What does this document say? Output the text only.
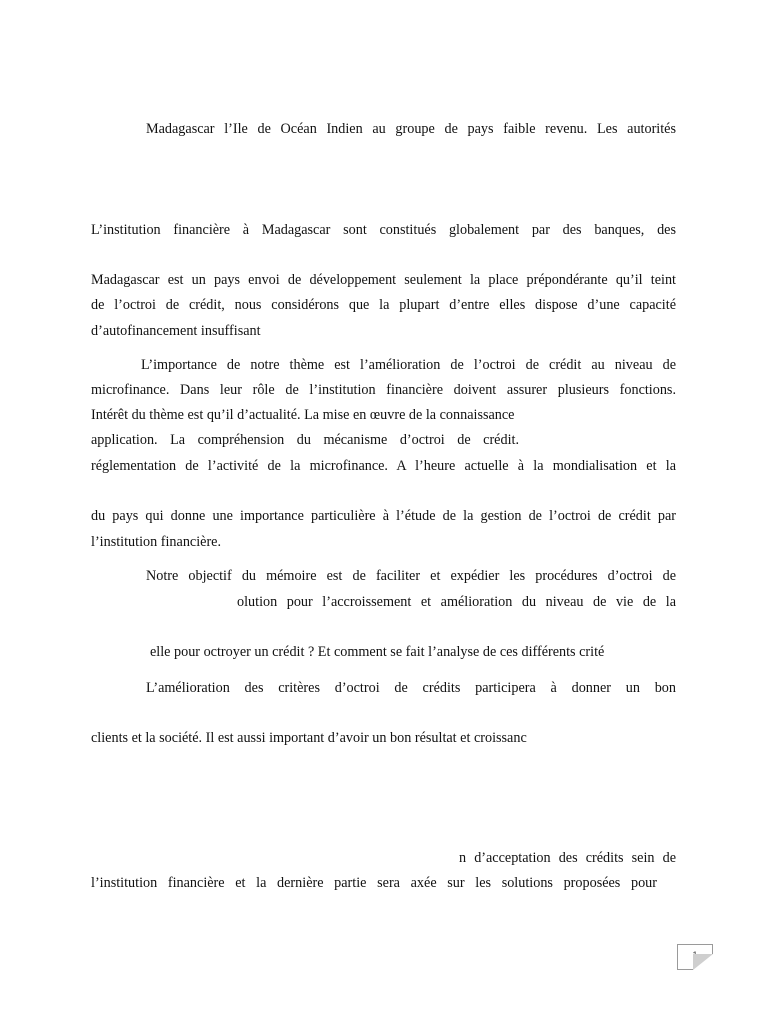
Madagascar l’Ile de Océan Indien au groupe de pays faible revenu. Les autorités
L’institution financière à Madagascar sont constitués globalement par des banques, des
Madagascar est un pays envoi de développement seulement la place prépondérante qu’il teint
de l’octroi de crédit, nous considérons que la plupart d’entre elles dispose d’une capacité
d’autofinancement insuffisant
L’importance de notre thème est l’amélioration de l’octroi de crédit au niveau de
microfinance. Dans leur rôle de l’institution financière doivent assurer plusieurs fonctions.
Intérêt du thème est qu’il d’actualité. La mise en œuvre de la connaissance
application. La compréhension du mécanisme d’octroi de crédit.
réglementation de l’activité de la microfinance. A l’heure actuelle à la mondialisation et la
du pays qui donne une importance particulière à l’étude de la gestion de l’octroi de crédit par
l’institution financière.
Notre objectif du mémoire est de faciliter et expédier les procédures d’octroi de
olution pour l’accroissement et amélioration du niveau de vie de la
elle pour octroyer un crédit ? Et comment se fait l’analyse de ces différents crité
L’amélioration des critères d’octroi de crédits participera à donner un bon
clients et la société. Il est aussi important d’avoir un bon résultat et croissanc
n d’acceptation des crédits sein de
l’institution financière et la dernière partie sera axée sur les solutions proposées pour
1
